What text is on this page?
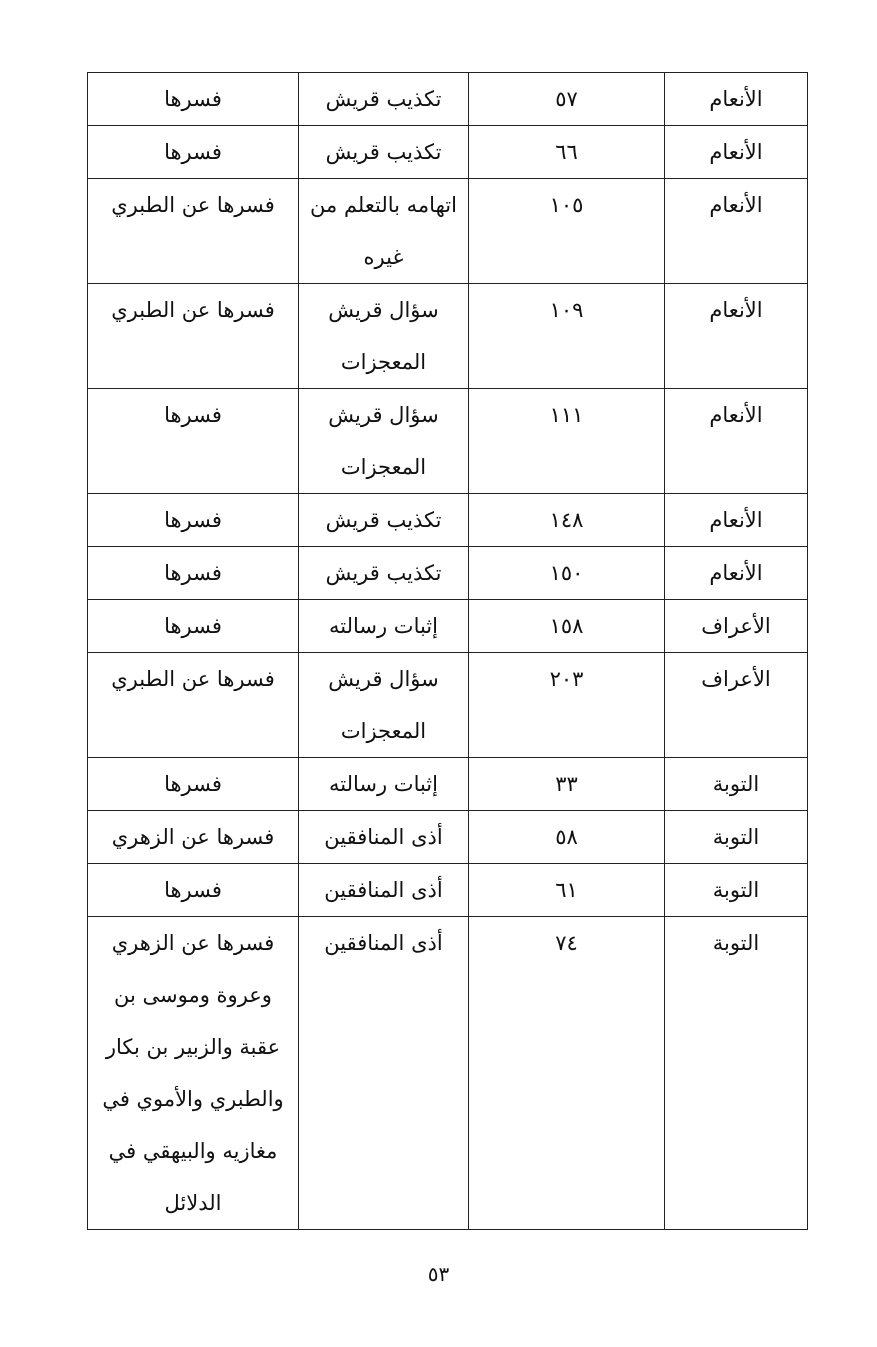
الأنعام	٥٧	تكذيب قريش	فسرها
الأنعام	٦٦	تكذيب قريش	فسرها
الأنعام	١٠٥	اتهامه بالتعلم من غيره	فسرها عن الطبري
الأنعام	١٠٩	سؤال قريش المعجزات	فسرها عن الطبري
الأنعام	١١١	سؤال قريش المعجزات	فسرها
الأنعام	١٤٨	تكذيب قريش	فسرها
الأنعام	١٥٠	تكذيب قريش	فسرها
الأعراف	١٥٨	إثبات رسالته	فسرها
الأعراف	٢٠٣	سؤال قريش المعجزات	فسرها عن الطبري
التوبة	٣٣	إثبات رسالته	فسرها
التوبة	٥٨	أذى المنافقين	فسرها عن الزهري
التوبة	٦١	أذى المنافقين	فسرها
التوبة	٧٤	أذى المنافقين	فسرها عن الزهري وعروة وموسى بن عقبة والزبير بن بكار والطبري والأموي في مغازيه والبيهقي في الدلائل
٥٣
